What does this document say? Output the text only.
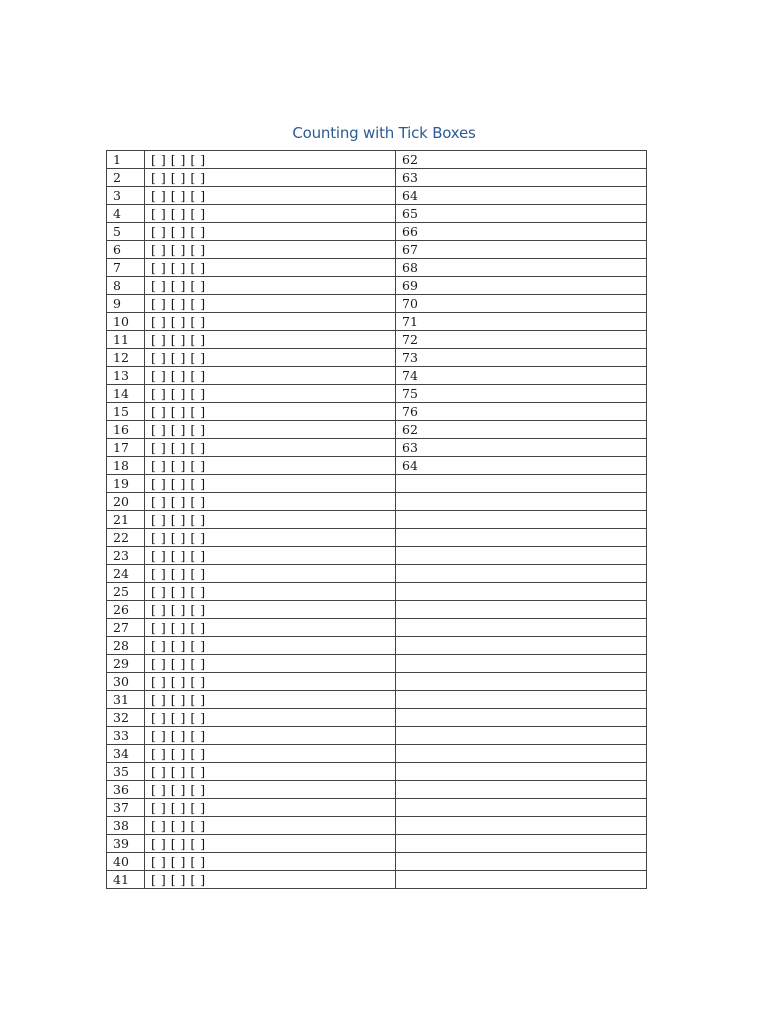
Counting with Tick Boxes
1	[ ] [ ] [ ]	62
2	[ ] [ ] [ ]	63
3	[ ] [ ] [ ]	64
4	[ ] [ ] [ ]	65
5	[ ] [ ] [ ]	66
6	[ ] [ ] [ ]	67
7	[ ] [ ] [ ]	68
8	[ ] [ ] [ ]	69
9	[ ] [ ] [ ]	70
10	[ ] [ ] [ ]	71
11	[ ] [ ] [ ]	72
12	[ ] [ ] [ ]	73
13	[ ] [ ] [ ]	74
14	[ ] [ ] [ ]	75
15	[ ] [ ] [ ]	76
16	[ ] [ ] [ ]	62
17	[ ] [ ] [ ]	63
18	[ ] [ ] [ ]	64
19	[ ] [ ] [ ]	
20	[ ] [ ] [ ]	
21	[ ] [ ] [ ]	
22	[ ] [ ] [ ]	
23	[ ] [ ] [ ]	
24	[ ] [ ] [ ]	
25	[ ] [ ] [ ]	
26	[ ] [ ] [ ]	
27	[ ] [ ] [ ]	
28	[ ] [ ] [ ]	
29	[ ] [ ] [ ]	
30	[ ] [ ] [ ]	
31	[ ] [ ] [ ]	
32	[ ] [ ] [ ]	
33	[ ] [ ] [ ]	
34	[ ] [ ] [ ]	
35	[ ] [ ] [ ]	
36	[ ] [ ] [ ]	
37	[ ] [ ] [ ]	
38	[ ] [ ] [ ]	
39	[ ] [ ] [ ]	
40	[ ] [ ] [ ]	
41	[ ] [ ] [ ]	
